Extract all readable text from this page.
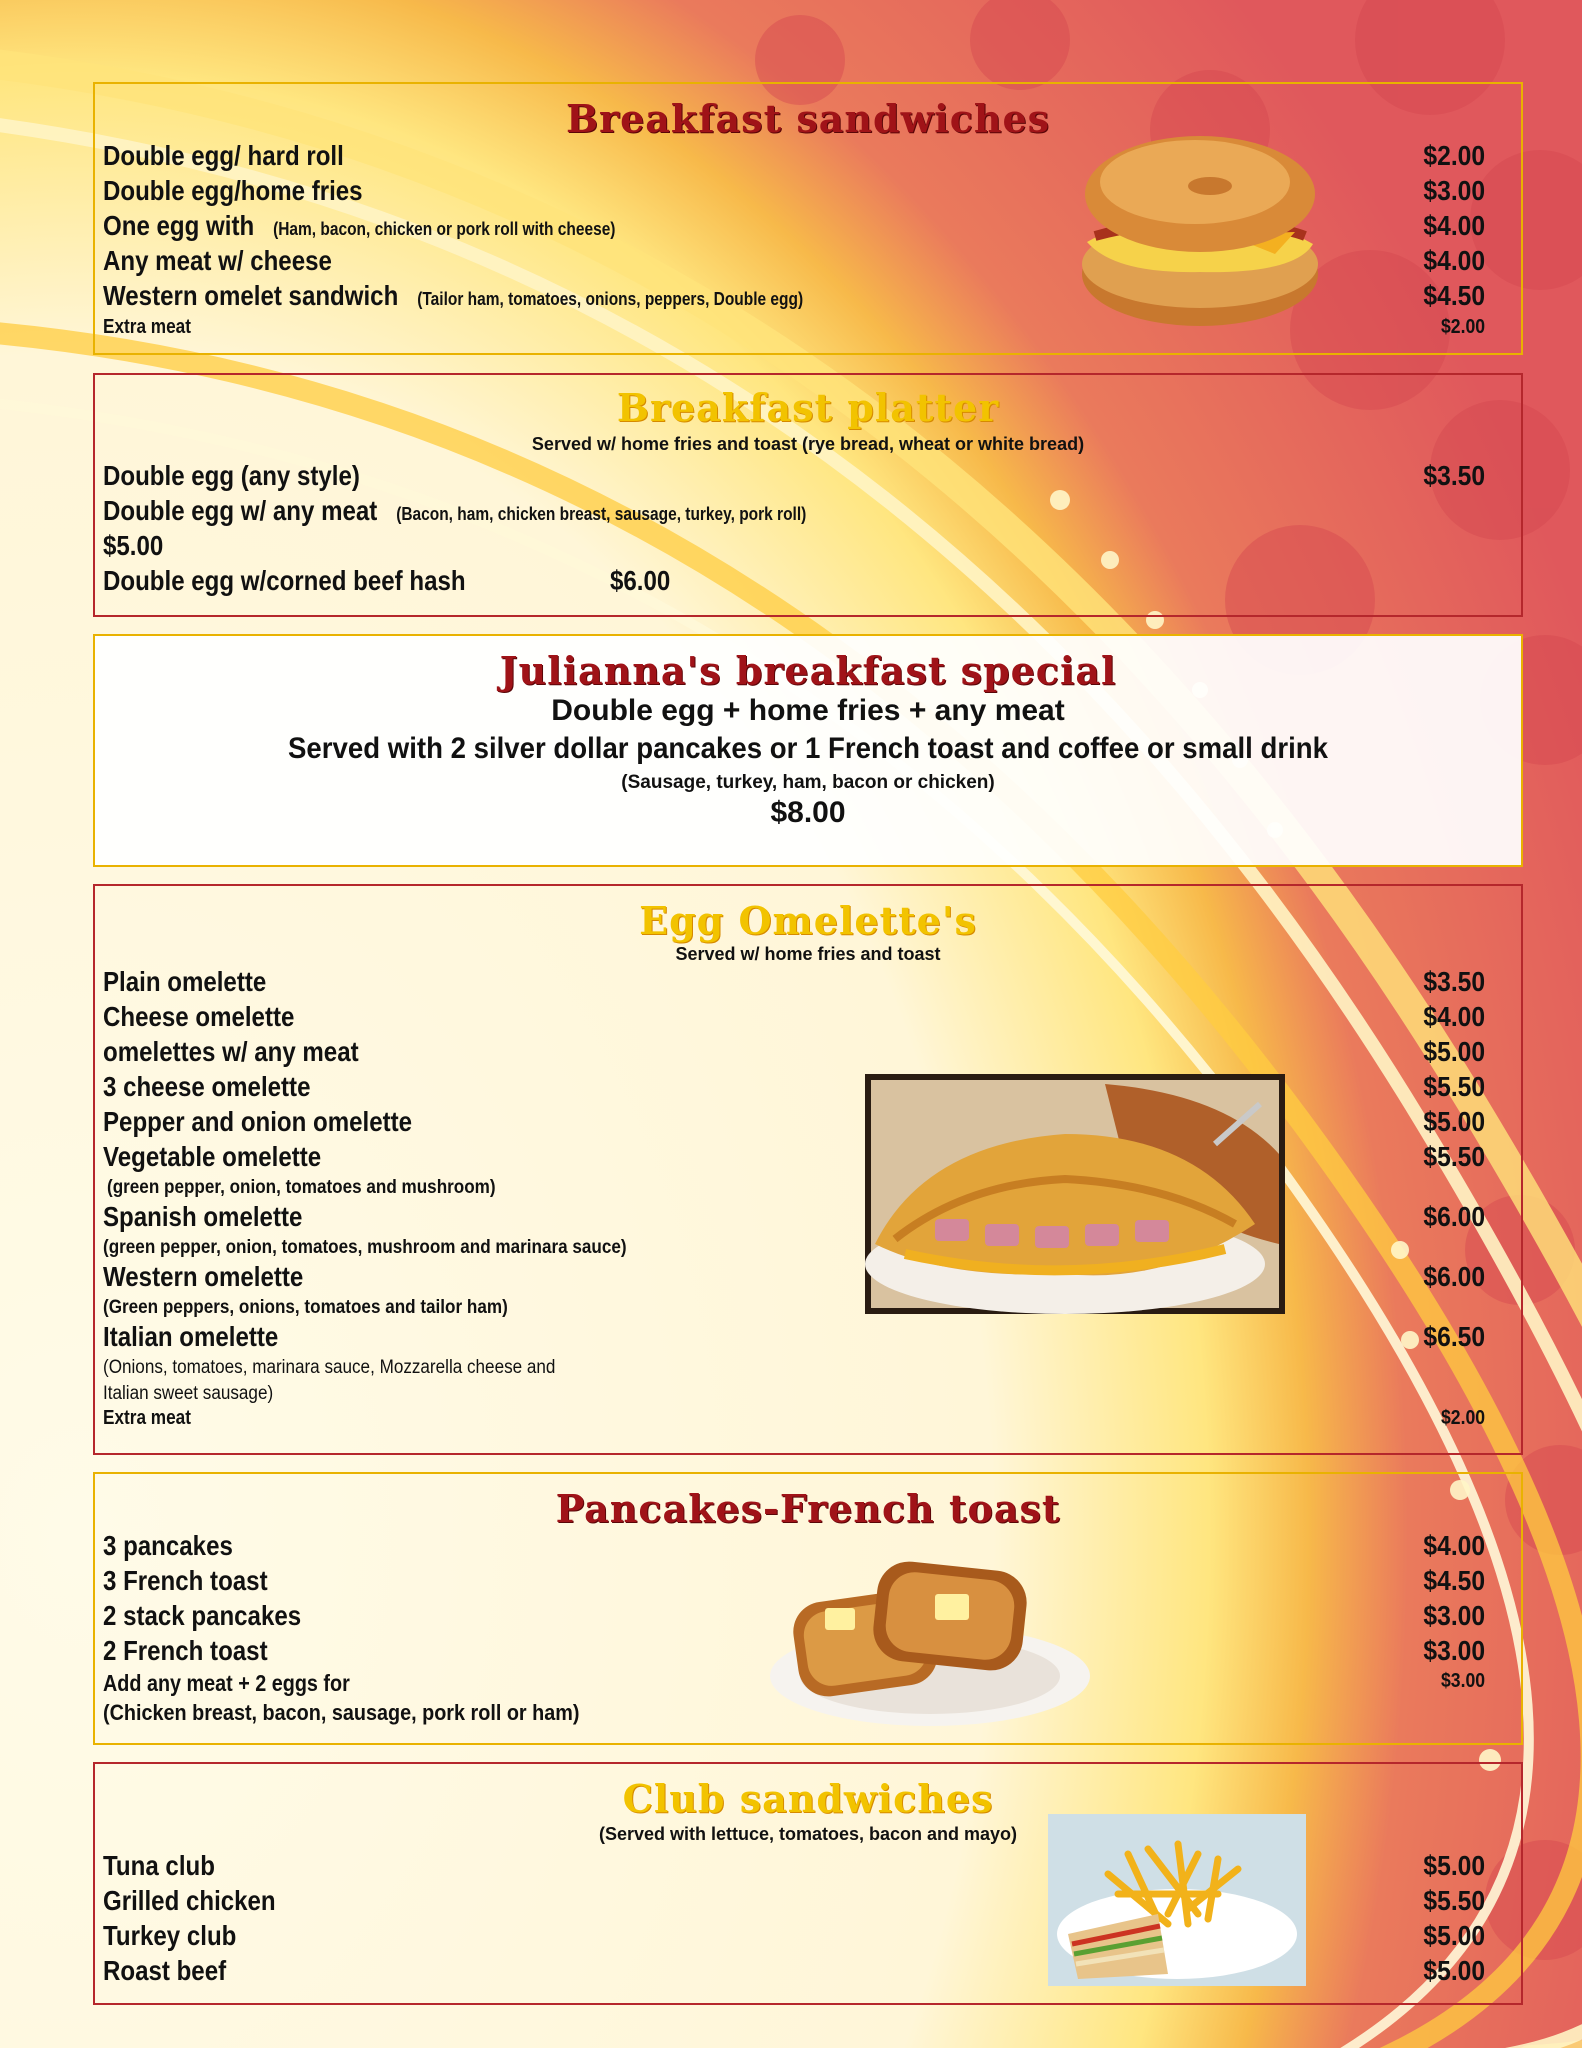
Breakfast sandwiches
Double egg/ hard roll	$2.00
Double egg/home fries	$3.00
One egg with (Ham, bacon, chicken or pork roll with cheese)	$4.00
Any meat w/ cheese	$4.00
Western omelet sandwich (Tailor ham, tomatoes, onions, peppers, Double egg)	$4.50
Extra meat	$2.00
Breakfast platter
Served w/ home fries and toast (rye bread, wheat or white bread)
Double egg (any style)	$3.50
Double egg w/ any meat (Bacon, ham, chicken breast, sausage, turkey, pork roll)
$5.00
Double egg w/corned beef hash	$6.00
Julianna's breakfast special
Double egg + home fries + any meat
Served with 2 silver dollar pancakes or 1 French toast and coffee or small drink
(Sausage, turkey, ham, bacon or chicken)
$8.00
Egg Omelette's
Served w/ home fries and toast
Plain omelette	$3.50
Cheese omelette	$4.00
omelettes w/ any meat	$5.00
3 cheese omelette	$5.50
Pepper and onion omelette	$5.00
Vegetable omelette	$5.50
(green pepper, onion, tomatoes and mushroom)
Spanish omelette	$6.00
(green pepper, onion, tomatoes, mushroom and marinara sauce)
Western omelette	$6.00
(Green peppers, onions, tomatoes and tailor ham)
Italian omelette	$6.50
(Onions, tomatoes, marinara sauce, Mozzarella cheese and
Italian sweet sausage)
Extra meat	$2.00
Pancakes-French toast
3 pancakes	$4.00
3 French toast	$4.50
2 stack pancakes	$3.00
2 French toast	$3.00
Add any meat + 2 eggs for	$3.00
(Chicken breast, bacon, sausage, pork roll or ham)
Club sandwiches
(Served with lettuce, tomatoes, bacon and mayo)
Tuna club	$5.00
Grilled chicken	$5.50
Turkey club	$5.00
Roast beef	$5.00
